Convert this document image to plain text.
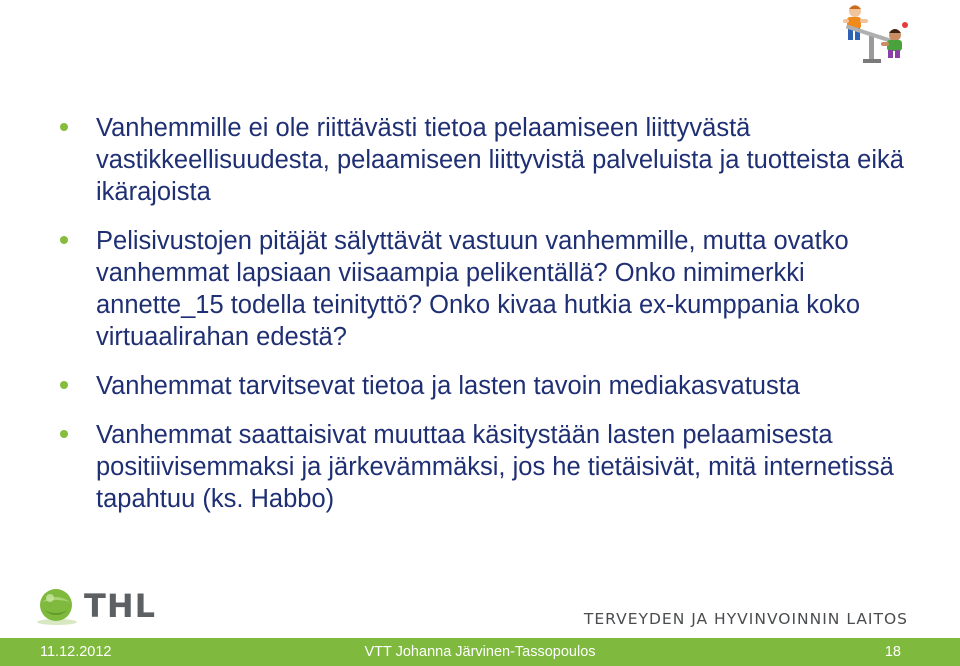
Vanhemmille ei ole riittävästi tietoa pelaamiseen liittyvästä vastikkeellisuudesta, pelaamiseen liittyvistä palveluista ja tuotteista eikä ikärajoista
Pelisivustojen pitäjät sälyttävät vastuun vanhemmille, mutta ovatko vanhemmat lapsiaan viisaampia pelikentällä? Onko nimimerkki annette_15 todella teinityttö? Onko kivaa hutkia ex-kumppania koko virtuaalirahan edestä?
Vanhemmat tarvitsevat tietoa ja lasten tavoin mediakasvatusta
Vanhemmat saattaisivat muuttaa käsitystään lasten pelaamisesta positiivisemmaksi ja järkevämmäksi, jos he tietäisivät, mitä internetissä tapahtuu (ks. Habbo)
THL	TERVEYDEN JA HYVINVOINNIN LAITOS
11.12.2012	VTT Johanna Järvinen-Tassopoulos	18
